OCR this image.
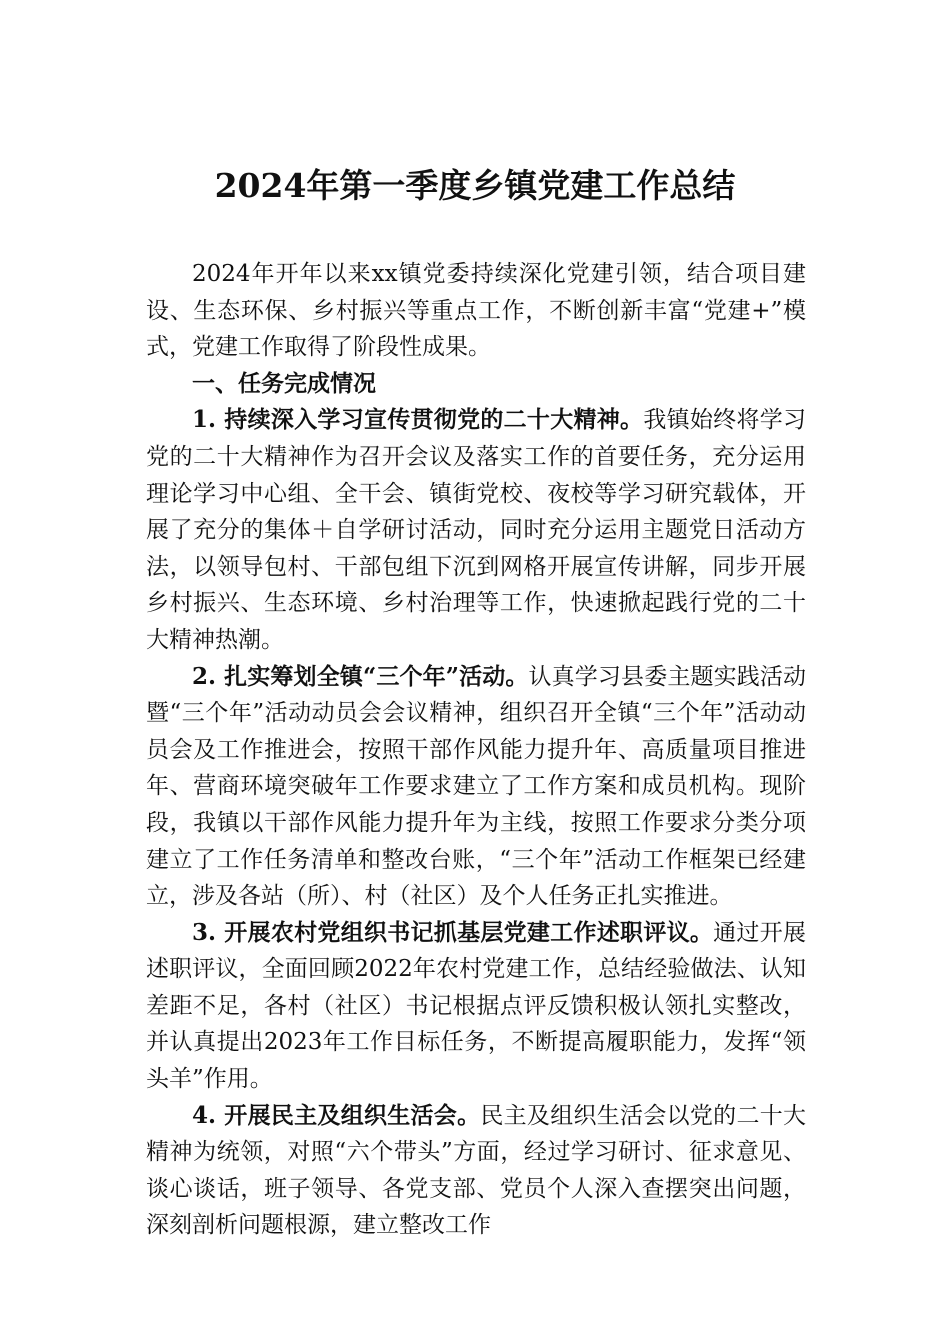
2024年第一季度乡镇党建工作总结

2024年开年以来xx镇党委持续深化党建引领，结合项目建设、生态环保、乡村振兴等重点工作，不断创新丰富“党建+”模式，党建工作取得了阶段性成果。

一、任务完成情况

1. 持续深入学习宣传贯彻党的二十大精神。我镇始终将学习党的二十大精神作为召开会议及落实工作的首要任务，充分运用理论学习中心组、全干会、镇街党校、夜校等学习研究载体，开展了充分的集体＋自学研讨活动，同时充分运用主题党日活动方法，以领导包村、干部包组下沉到网格开展宣传讲解，同步开展乡村振兴、生态环境、乡村治理等工作，快速掀起践行党的二十大精神热潮。

2. 扎实筹划全镇“三个年”活动。认真学习县委主题实践活动暨“三个年”活动动员会会议精神，组织召开全镇“三个年”活动动员会及工作推进会，按照干部作风能力提升年、高质量项目推进年、营商环境突破年工作要求建立了工作方案和成员机构。现阶段，我镇以干部作风能力提升年为主线，按照工作要求分类分项建立了工作任务清单和整改台账，“三个年”活动工作框架已经建立，涉及各站（所）、村（社区）及个人任务正扎实推进。

3. 开展农村党组织书记抓基层党建工作述职评议。通过开展述职评议，全面回顾2022年农村党建工作，总结经验做法、认知差距不足，各村（社区）书记根据点评反馈积极认领扎实整改，并认真提出2023年工作目标任务，不断提高履职能力，发挥“领头羊”作用。

4. 开展民主及组织生活会。民主及组织生活会以党的二十大精神为统领，对照“六个带头”方面，经过学习研讨、征求意见、谈心谈话，班子领导、各党支部、党员个人深入查摆突出问题，深刻剖析问题根源，建立整改工作
